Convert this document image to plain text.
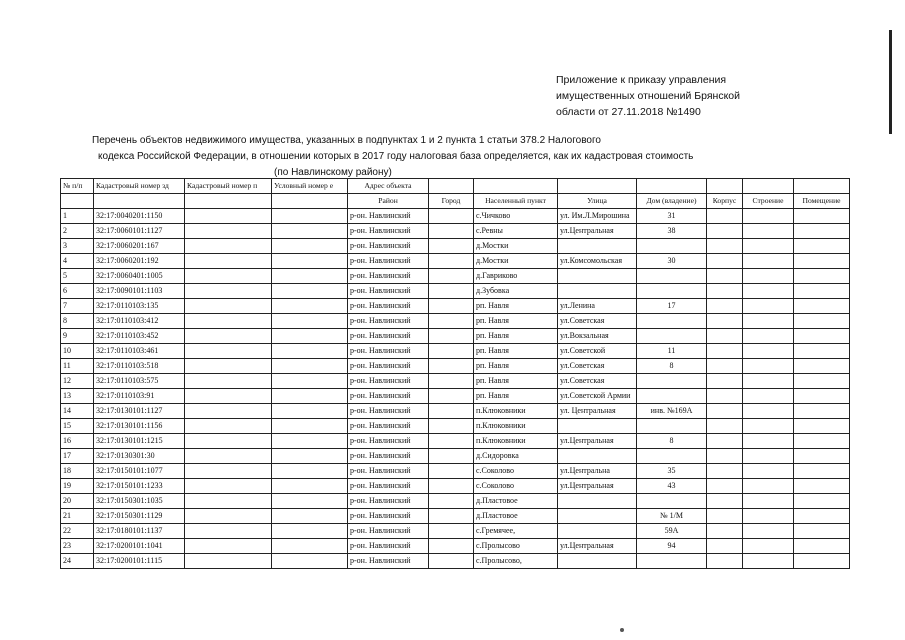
Приложение к приказу управления
имущественных отношений Брянской
области от 27.11.2018 №1490
Перечень объектов недвижимого имущества, указанных в подпунктах 1 и 2 пункта 1 статьи 378.2 Налогового
кодекса Российской Федерации, в отношении которых в 2017 году налоговая база определяется, как их кадастровая стоимость
(по Навлинскому району)
№ п/п	Кадастровый номер зд	Кадастровый номер п	Условный номер е	Адрес объекта							
				Район	Город	Населенный пункт	Улица	Дом (владение)	Корпус	Строение	Помещение
1	32:17:0040201:1150			р-он. Навлинский		с.Чичково	ул. Им.Л.Мирошина	31			
2	32:17:0060101:1127			р-он. Навлинский		с.Ревны	ул.Центральная	38			
3	32:17:0060201:167			р-он. Навлинский		д.Мостки					
4	32:17:0060201:192			р-он. Навлинский		д.Мостки	ул.Комсомольская	30			
5	32:17:0060401:1005			р-он. Навлинский		д.Гавриково					
6	32:17:0090101:1103			р-он. Навлинский		д.Зубовка					
7	32:17:0110103:135			р-он. Навлинский		рп. Навля	ул.Ленина	17			
8	32:17:0110103:412			р-он. Навлинский		рп. Навля	ул.Советская				
9	32:17:0110103:452			р-он. Навлинский		рп. Навля	ул.Вокзальная				
10	32:17:0110103:461			р-он. Навлинский		рп. Навля	ул.Советской	11			
11	32:17:0110103:518			р-он. Навлинский		рп. Навля	ул.Советская	8			
12	32:17:0110103:575			р-он. Навлинский		рп. Навля	ул.Советская				
13	32:17:0110103:91			р-он. Навлинский		рп. Навля	ул.Советской Армии				
14	32:17:0130101:1127			р-он. Навлинский		п.Клюковники	ул. Центральная	инв. №169А			
15	32:17:0130101:1156			р-он. Навлинский		п.Клюковники					
16	32:17:0130101:1215			р-он. Навлинский		п.Клюковники	ул.Центральная	8			
17	32:17:0130301:30			р-он. Навлинский		д.Сидоровка					
18	32:17:0150101:1077			р-он. Навлинский		с.Соколово	ул.Центральна	35			
19	32:17:0150101:1233			р-он. Навлинский		с.Соколово	ул.Центральная	43			
20	32:17:0150301:1035			р-он. Навлинский		д.Пластовое					
21	32:17:0150301:1129			р-он. Навлинский		д.Пластовое		№ 1/М			
22	32:17:0180101:1137			р-он. Навлинский		с.Гремячее,		59А			
23	32:17:0200101:1041			р-он. Навлинский		с.Пролысово	ул.Центральная	94			
24	32:17:0200101:1115			р-он. Навлинский		с.Пролысово,					
